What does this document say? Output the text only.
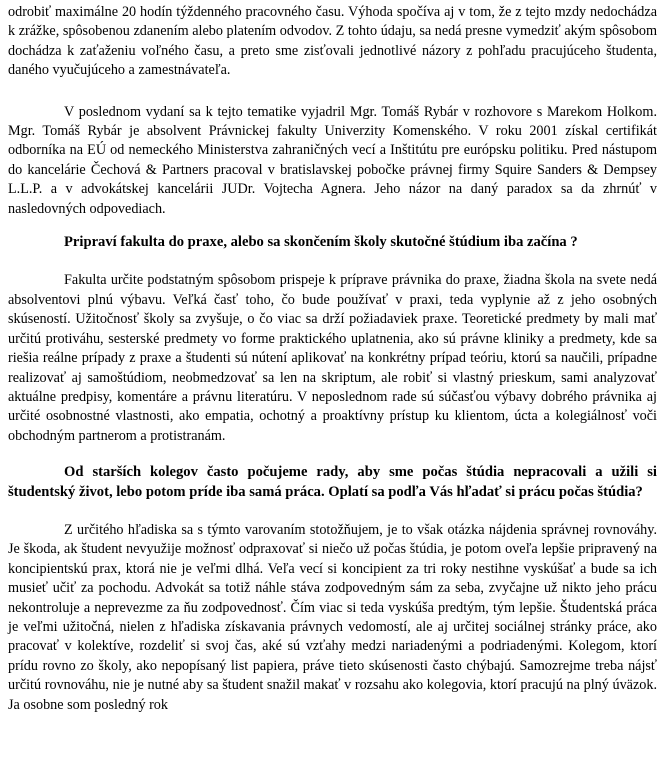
odrobiť maximálne 20 hodín týždenného pracovného času. Výhoda spočíva aj v tom, že z tejto mzdy nedochádza k zrážke, spôsobenou zdanením alebo platením odvodov. Z tohto údaju, sa nedá presne vymedziť akým spôsobom dochádza k zaťaženiu voľného času, a preto sme zisťovali jednotlivé názory z pohľadu pracujúceho študenta, daného vyučujúceho a zamestnávateľa.

V poslednom vydaní sa k tejto tematike vyjadril Mgr. Tomáš Rybár v rozhovore s Marekom Holkom. Mgr. Tomáš Rybár je absolvent Právnickej fakulty Univerzity Komenského. V roku 2001 získal certifikát odborníka na EÚ od nemeckého Ministerstva zahraničných vecí a Inštitútu pre európsku politiku. Pred nástupom do kancelárie Čechová & Partners pracoval v bratislavskej pobočke právnej firmy Squire Sanders & Dempsey L.L.P. a v advokátskej kancelárii JUDr. Vojtecha Agnera. Jeho názor na daný paradox sa da zhrnúť v nasledovných odpovediach.

Pripraví fakulta do praxe, alebo sa skončením školy skutočné štúdium iba začína ?

Fakulta určite podstatným spôsobom prispeje k príprave právnika do praxe, žiadna škola na svete nedá absolventovi plnú výbavu. Veľká časť toho, čo bude používať v praxi, teda vyplynie až z jeho osobných skúseností. Užitočnosť školy sa zvyšuje, o čo viac sa drží požiadaviek praxe. Teoretické predmety by mali mať určitú protiváhu, sesterské predmety vo forme praktického uplatnenia, ako sú právne kliniky a predmety, kde sa riešia reálne prípady z praxe a študenti sú nútení aplikovať na konkrétny prípad teóriu, ktorú sa naučili, prípadne realizovať aj samoštúdiom, neobmedzovať sa len na skriptum, ale robiť si vlastný prieskum, sami analyzovať aktuálne predpisy, komentáre a právnu literatúru. V neposlednom rade sú súčasťou výbavy dobrého právnika aj určité osobnostné vlastnosti, ako empatia, ochotný a proaktívny prístup ku klientom, úcta a kolegiálnosť voči obchodným partnerom a protistranám.

Od starších kolegov často počujeme rady, aby sme počas štúdia nepracovali a užili si študentský život, lebo potom príde iba samá práca. Oplatí sa podľa Vás hľadať si prácu počas štúdia?

Z určitého hľadiska sa s týmto varovaním stotožňujem, je to však otázka nájdenia správnej rovnováhy. Je škoda, ak študent nevyužije možnosť odpraxovať si niečo už počas štúdia, je potom oveľa lepšie pripravený na koncipientskú prax, ktorá nie je veľmi dlhá. Veľa vecí si koncipient za tri roky nestihne vyskúšať a bude sa ich musieť učiť za pochodu. Advokát sa totiž náhle stáva zodpovedným sám za seba, zvyčajne už nikto jeho prácu nekontroluje a neprevezme za ňu zodpovednosť. Čím viac si teda vyskúša predtým, tým lepšie. Študentská práca je veľmi užitočná, nielen z hľadiska získavania právnych vedomostí, ale aj určitej sociálnej stránky práce, ako pracovať v kolektíve, rozdeliť si svoj čas, aké sú vzťahy medzi nariadenými a podriadenými. Kolegom, ktorí prídu rovno zo školy, ako nepopísaný list papiera, práve tieto skúsenosti často chýbajú. Samozrejme treba nájsť určitú rovnováhu, nie je nutné aby sa študent snažil makať v rozsahu ako kolegovia, ktorí pracujú na plný úväzok. Ja osobne som posledný rok
